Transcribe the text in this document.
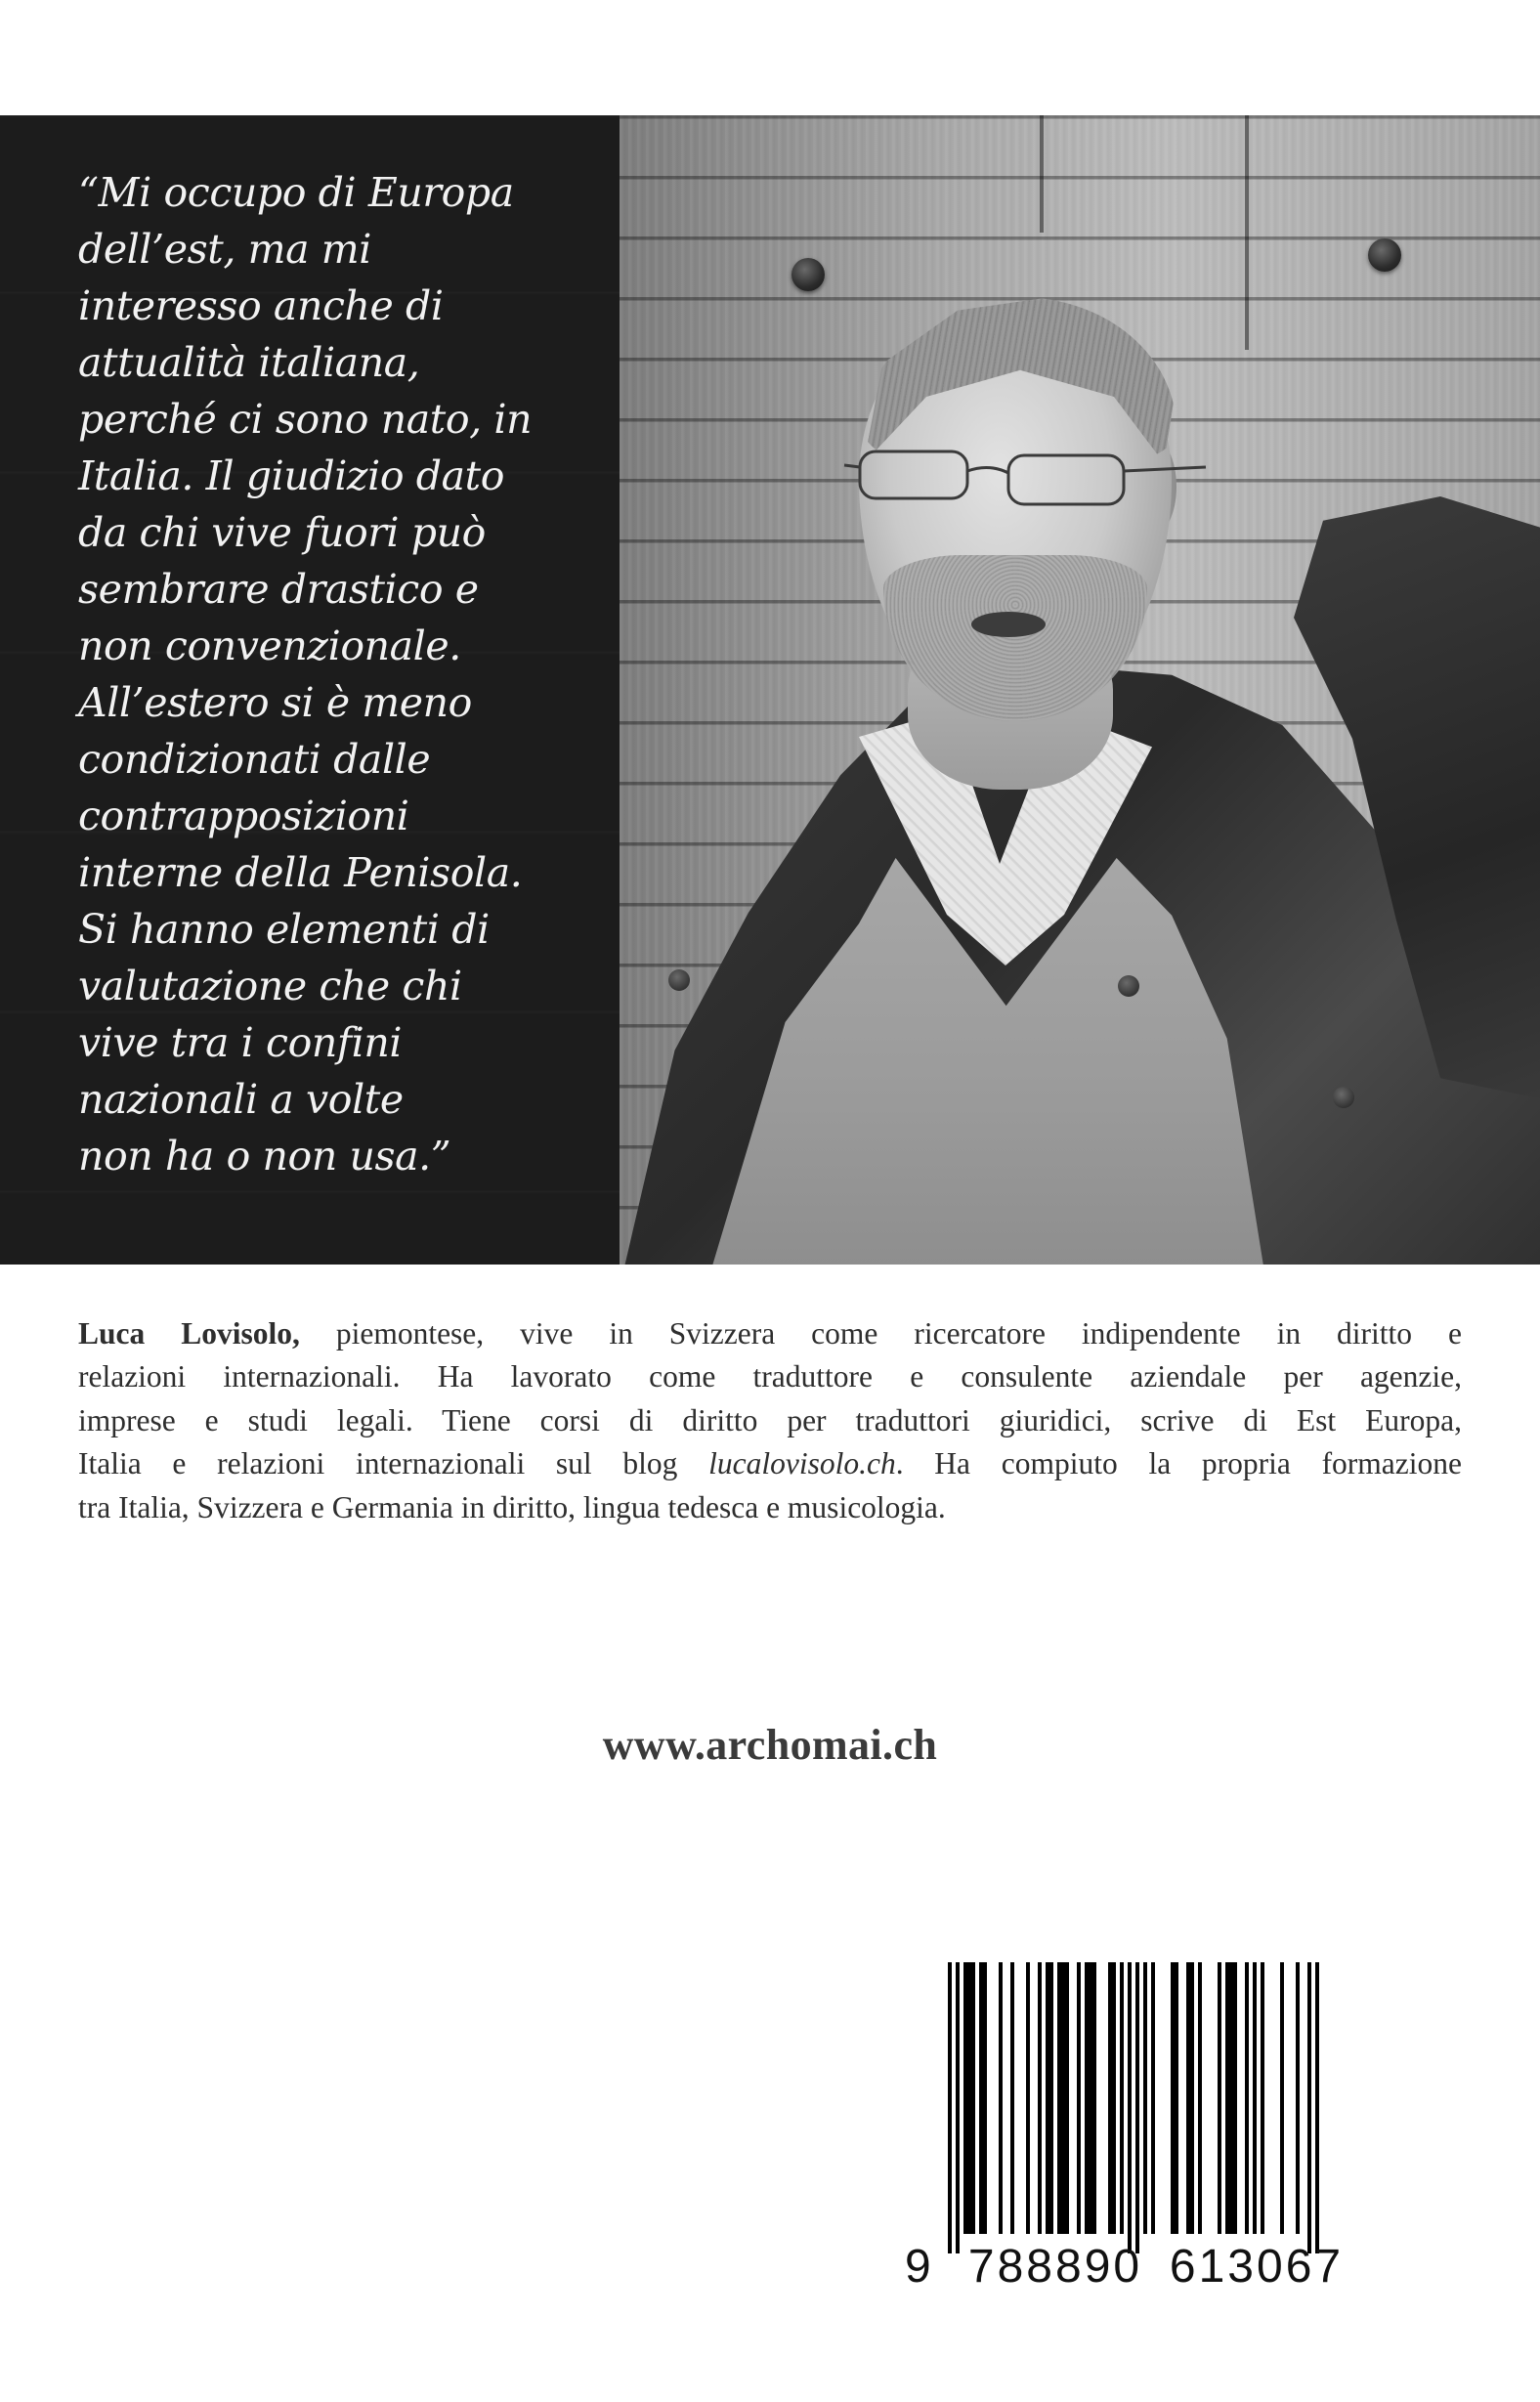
“Mi occupo di Europa
dell’est, ma mi
interesso anche di
attualità italiana,
perché ci sono nato, in
Italia. Il giudizio dato
da chi vive fuori può
sembrare drastico e
non convenzionale.
All’estero si è meno
condizionati dalle
contrapposizioni
interne della Penisola.
Si hanno elementi di
valutazione che chi
vive tra i confini
nazionali a volte
non ha o non usa.”

Luca Lovisolo, piemontese, vive in Svizzera come ricercatore indipendente in diritto e
relazioni internazionali. Ha lavorato come traduttore e consulente aziendale per agenzie,
imprese e studi legali. Tiene corsi di diritto per traduttori giuridici, scrive di Est Europa,
Italia e relazioni internazionali sul blog lucalovisolo.ch. Ha compiuto la propria formazione
tra Italia, Svizzera e Germania in diritto, lingua tedesca e musicologia.

www.archomai.ch
9 788890 613067
